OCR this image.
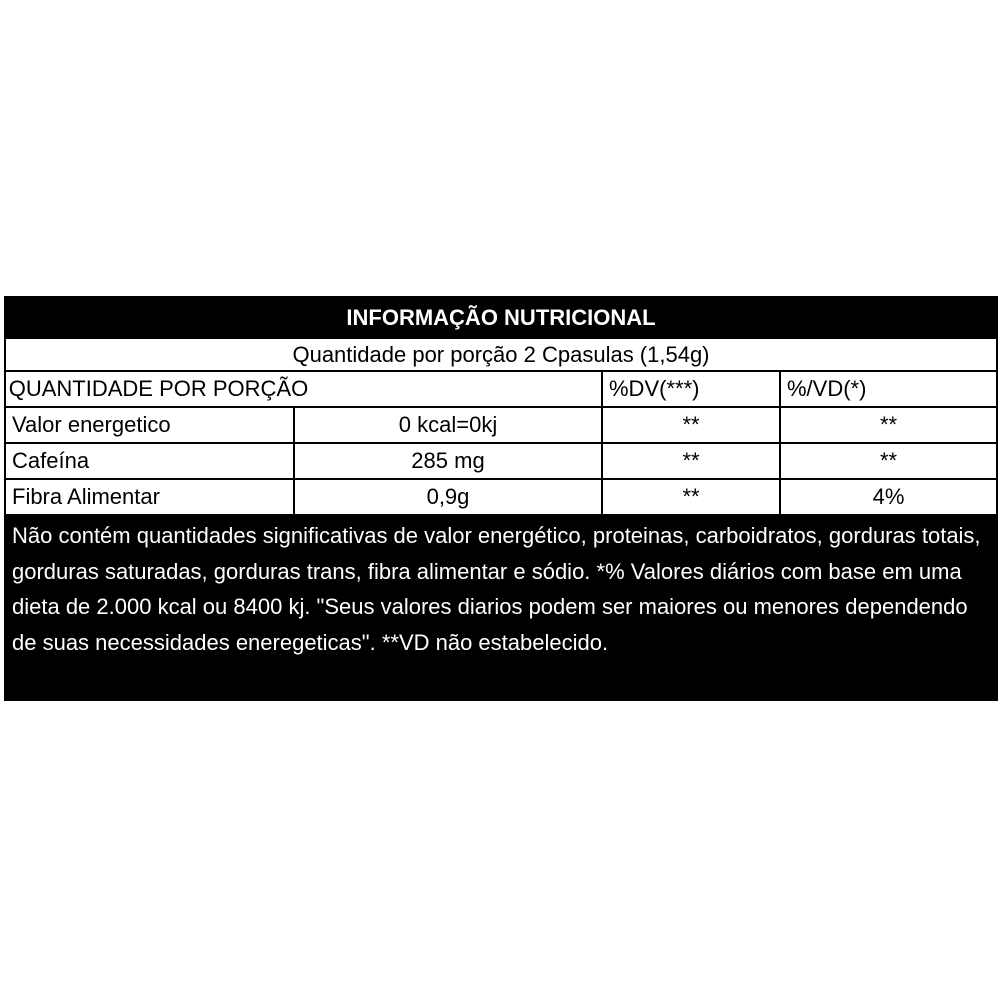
INFORMAÇÃO NUTRICIONAL
Quantidade por porção 2 Cpasulas (1,54g)
QUANTIDADE POR PORÇÃO	%DV(***)	%/VD(*)
Valor energetico	0 kcal=0kj	**	**
Cafeína	285 mg	**	**
Fibra Alimentar	0,9g	**	4%
Não contém quantidades significativas de valor energético, proteinas, carboidratos, gorduras totais, gorduras saturadas, gorduras trans, fibra alimentar e sódio. *% Valores diários com base em uma dieta de 2.000 kcal ou 8400 kj. "Seus valores diarios podem ser maiores ou menores dependendo de suas necessidades eneregeticas". **VD não estabelecido.
